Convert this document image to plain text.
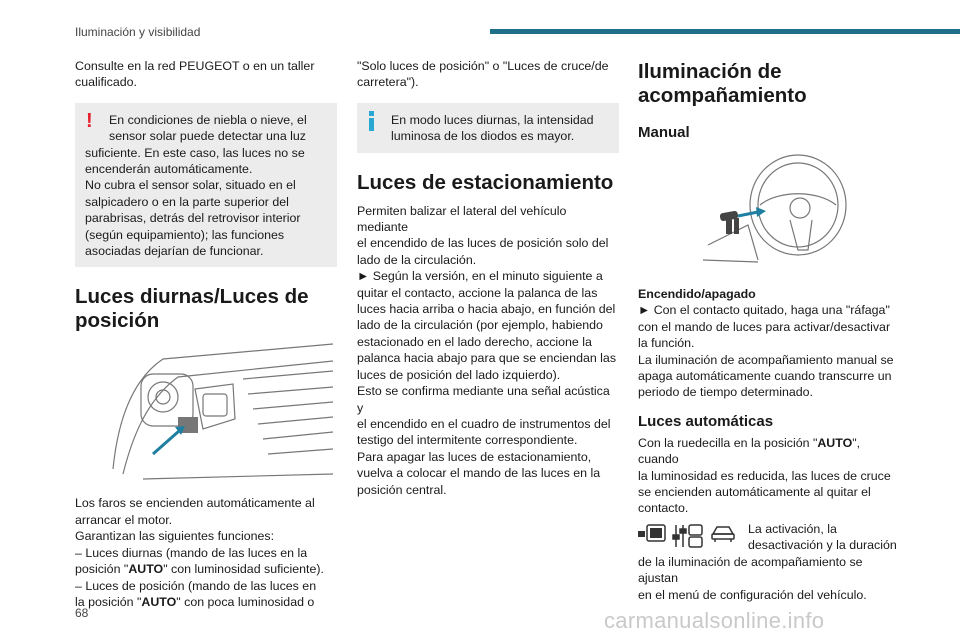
Iluminación y visibilidad

Consulte en la red PEUGEOT o en un taller
cualificado.

!	En condiciones de niebla o nieve, el
sensor solar puede detectar una luz
suficiente. En este caso, las luces no se
encenderán automáticamente.
No cubra el sensor solar, situado en el
salpicadero o en la parte superior del
parabrisas, detrás del retrovisor interior
(según equipamiento); las funciones
asociadas dejarían de funcionar.

Luces diurnas/Luces de
posición

Los faros se encienden automáticamente al
arrancar el motor.
Garantizan las siguientes funciones:
– Luces diurnas (mando de las luces en la
posición "AUTO" con luminosidad suficiente).
– Luces de posición (mando de las luces en
la posición "AUTO" con poca luminosidad o

"Solo luces de posición" o "Luces de cruce/de
carretera").

En modo luces diurnas, la intensidad
luminosa de los diodos es mayor.

Luces de estacionamiento

Permiten balizar el lateral del vehículo mediante
el encendido de las luces de posición solo del
lado de la circulación.
► Según la versión, en el minuto siguiente a
quitar el contacto, accione la palanca de las
luces hacia arriba o hacia abajo, en función del
lado de la circulación (por ejemplo, habiendo
estacionado en el lado derecho, accione la
palanca hacia abajo para que se enciendan las
luces de posición del lado izquierdo).
Esto se confirma mediante una señal acústica y
el encendido en el cuadro de instrumentos del
testigo del intermitente correspondiente.
Para apagar las luces de estacionamiento,
vuelva a colocar el mando de las luces en la
posición central.

Iluminación de
acompañamiento
Manual

Encendido/apagado
► Con el contacto quitado, haga una "ráfaga"
con el mando de luces para activar/desactivar
la función.
La iluminación de acompañamiento manual se
apaga automáticamente cuando transcurre un
periodo de tiempo determinado.

Luces automáticas

Con la ruedecilla en la posición "AUTO", cuando
la luminosidad es reducida, las luces de cruce
se encienden automáticamente al quitar el
contacto.

La activación, la
desactivación y la duración

de la iluminación de acompañamiento se ajustan
en el menú de configuración del vehículo.

68	carmanualsonline.info
